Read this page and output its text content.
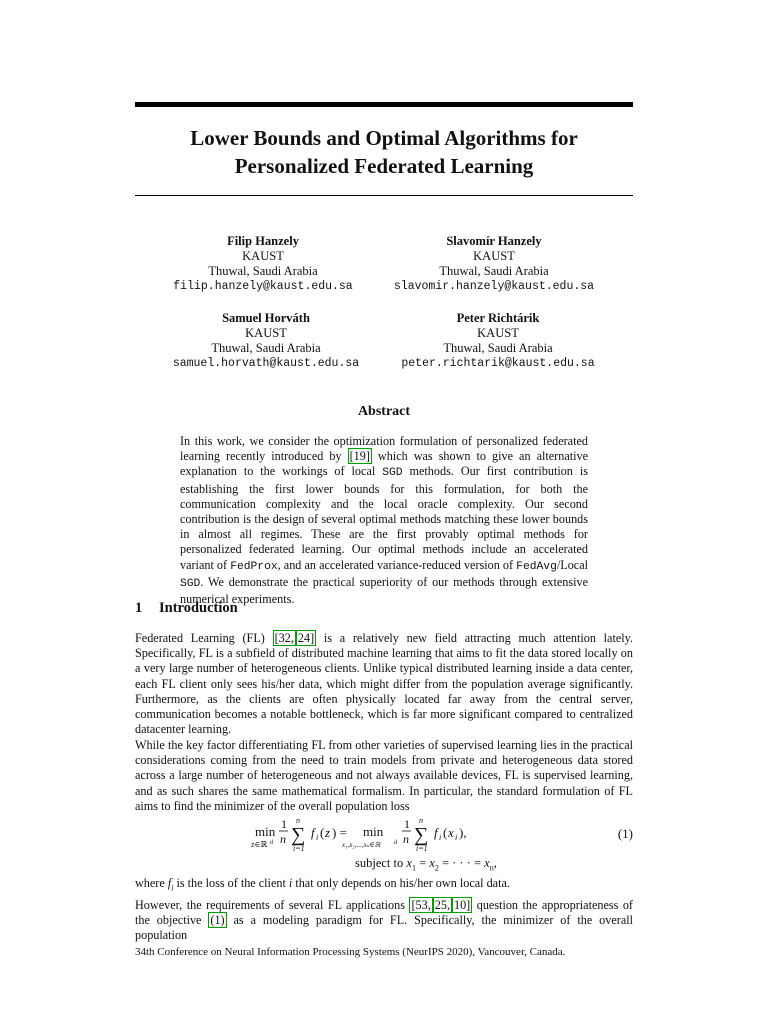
Lower Bounds and Optimal Algorithms for
Personalized Federated Learning
Filip Hanzely
KAUST
Thuwal, Saudi Arabia
filip.hanzely@kaust.edu.sa
Slavomír Hanzely
KAUST
Thuwal, Saudi Arabia
slavomir.hanzely@kaust.edu.sa
Samuel Horváth
KAUST
Thuwal, Saudi Arabia
samuel.horvath@kaust.edu.sa
Peter Richtárik
KAUST
Thuwal, Saudi Arabia
peter.richtarik@kaust.edu.sa
Abstract
In this work, we consider the optimization formulation of personalized federated learning recently introduced by [19] which was shown to give an alternative explanation to the workings of local SGD methods. Our first contribution is establishing the first lower bounds for this formulation, for both the communication complexity and the local oracle complexity. Our second contribution is the design of several optimal methods matching these lower bounds in almost all regimes. These are the first provably optimal methods for personalized federated learning. Our optimal methods include an accelerated variant of FedProx, and an accelerated variance-reduced version of FedAvg/Local SGD. We demonstrate the practical superiority of our methods through extensive numerical experiments.
1 Introduction
Federated Learning (FL) [32, 24] is a relatively new field attracting much attention lately. Specifically, FL is a subfield of distributed machine learning that aims to fit the data stored locally on a very large number of heterogeneous clients. Unlike typical distributed learning inside a data center, each FL client only sees his/her data, which might differ from the population average significantly. Furthermore, as the clients are often physically located far away from the central server, communication becomes a notable bottleneck, which is far more significant compared to centralized datacenter learning.
While the key factor differentiating FL from other varieties of supervised learning lies in the practical considerations coming from the need to train models from private and heterogeneous data stored across a large number of heterogeneous and not always available devices, FL is supervised learning, and as such shares the same mathematical formalism. In particular, the standard formulation of FL aims to find the minimizer of the overall population loss
min
z∈ℝ d
1
n ∑
n
i=1
f i ( z ) = min
x₁,x₂,...,xₙ∈ℝ d
1
n ∑
n
i=1
f i ( x i ),	(1)
subject to $x_1 = x_2$ = · · · = $x_n$,
where $f_i$ is the loss of the client i that only depends on his/her own local data.
However, the requirements of several FL applications [53, 25, 10] question the appropriateness of the objective (1) as a modeling paradigm for FL. Specifically, the minimizer of the overall population
34th Conference on Neural Information Processing Systems (NeurIPS 2020), Vancouver, Canada.
